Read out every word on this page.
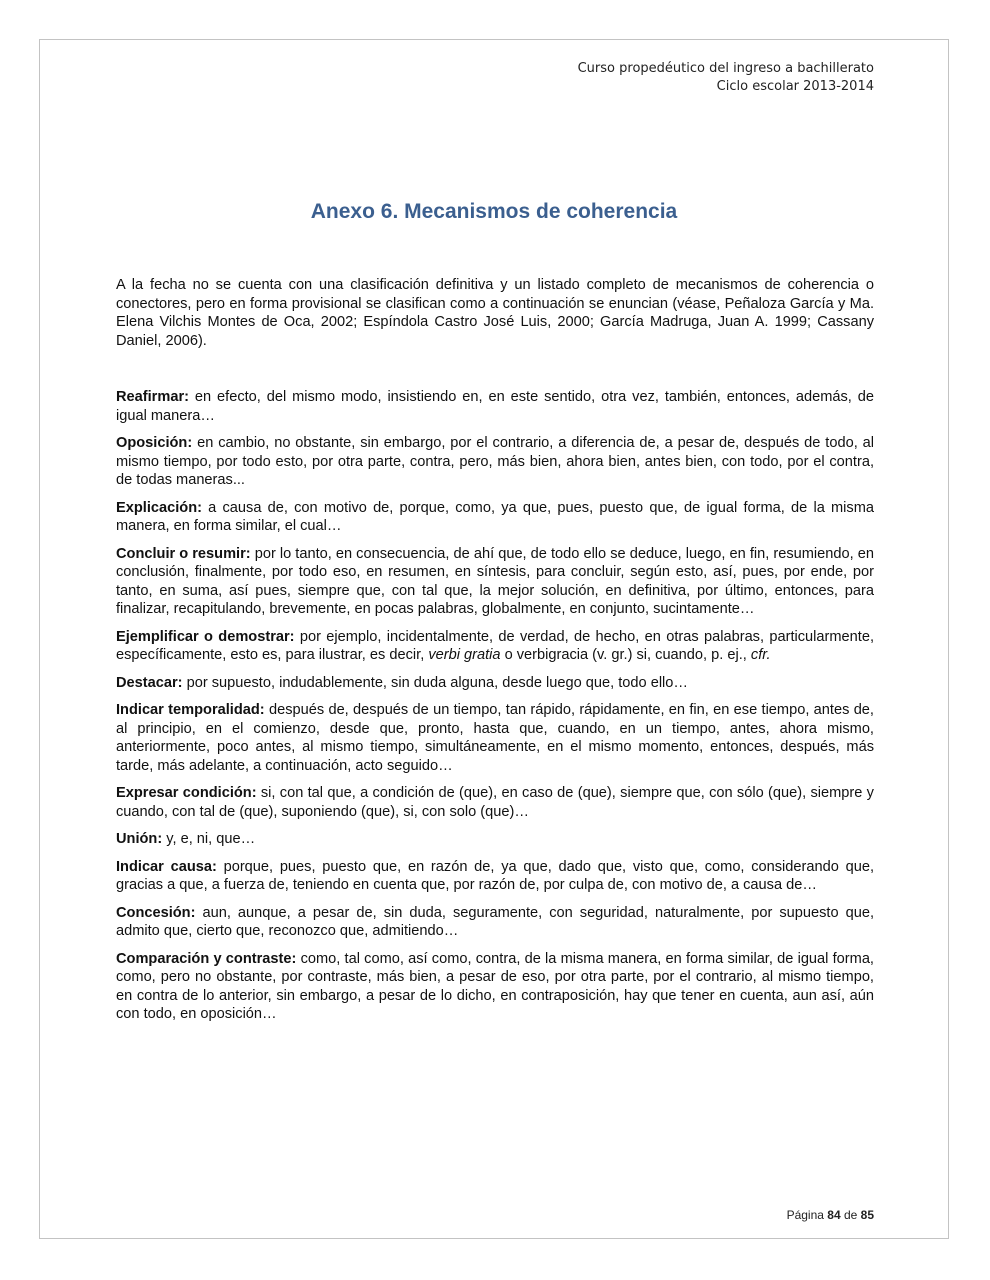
Curso propedéutico del ingreso a bachillerato
Ciclo escolar 2013-2014
Anexo 6. Mecanismos de coherencia

A la fecha no se cuenta con una clasificación definitiva y un listado completo de mecanismos de coherencia o conectores, pero en forma provisional se clasifican como a continuación se enuncian (véase, Peñaloza García y Ma. Elena Vilchis Montes de Oca, 2002; Espíndola Castro José Luis, 2000; García Madruga, Juan A. 1999; Cassany Daniel, 2006).

Reafirmar: en efecto, del mismo modo, insistiendo en, en este sentido, otra vez, también, entonces, además, de igual manera…

Oposición: en cambio, no obstante, sin embargo, por el contrario, a diferencia de, a pesar de, después de todo, al mismo tiempo, por todo esto, por otra parte, contra, pero, más bien, ahora bien, antes bien, con todo, por el contra, de todas maneras...

Explicación: a causa de, con motivo de, porque, como, ya que, pues, puesto que, de igual forma, de la misma manera, en forma similar, el cual…

Concluir o resumir: por lo tanto, en consecuencia, de ahí que, de todo ello se deduce, luego, en fin, resumiendo, en conclusión, finalmente, por todo eso, en resumen, en síntesis, para concluir, según esto, así, pues, por ende, por tanto, en suma, así pues, siempre que, con tal que, la mejor solución, en definitiva, por último, entonces, para finalizar, recapitulando, brevemente, en pocas palabras, globalmente, en conjunto, sucintamente…

Ejemplificar o demostrar: por ejemplo, incidentalmente, de verdad, de hecho, en otras palabras, particularmente, específicamente, esto es, para ilustrar, es decir, verbi gratia o verbigracia (v. gr.) si, cuando, p. ej., cfr.

Destacar: por supuesto, indudablemente, sin duda alguna, desde luego que, todo ello…

Indicar temporalidad: después de, después de un tiempo, tan rápido, rápidamente, en fin, en ese tiempo, antes de, al principio, en el comienzo, desde que, pronto, hasta que, cuando, en un tiempo, antes, ahora mismo, anteriormente, poco antes, al mismo tiempo, simultáneamente, en el mismo momento, entonces, después, más tarde, más adelante, a continuación, acto seguido…

Expresar condición: si, con tal que, a condición de (que), en caso de (que), siempre que, con sólo (que), siempre y cuando, con tal de (que), suponiendo (que), si, con solo (que)…

Unión: y, e, ni, que…

Indicar causa: porque, pues, puesto que, en razón de, ya que, dado que, visto que, como, considerando que, gracias a que, a fuerza de, teniendo en cuenta que, por razón de, por culpa de, con motivo de, a causa de…

Concesión: aun, aunque, a pesar de, sin duda, seguramente, con seguridad, naturalmente, por supuesto que, admito que, cierto que, reconozco que, admitiendo…

Comparación y contraste: como, tal como, así como, contra, de la misma manera, en forma similar, de igual forma, como, pero no obstante, por contraste, más bien, a pesar de eso, por otra parte, por el contrario, al mismo tiempo, en contra de lo anterior, sin embargo, a pesar de lo dicho, en contraposición, hay que tener en cuenta, aun así, aún con todo, en oposición…

Página 84 de 85
